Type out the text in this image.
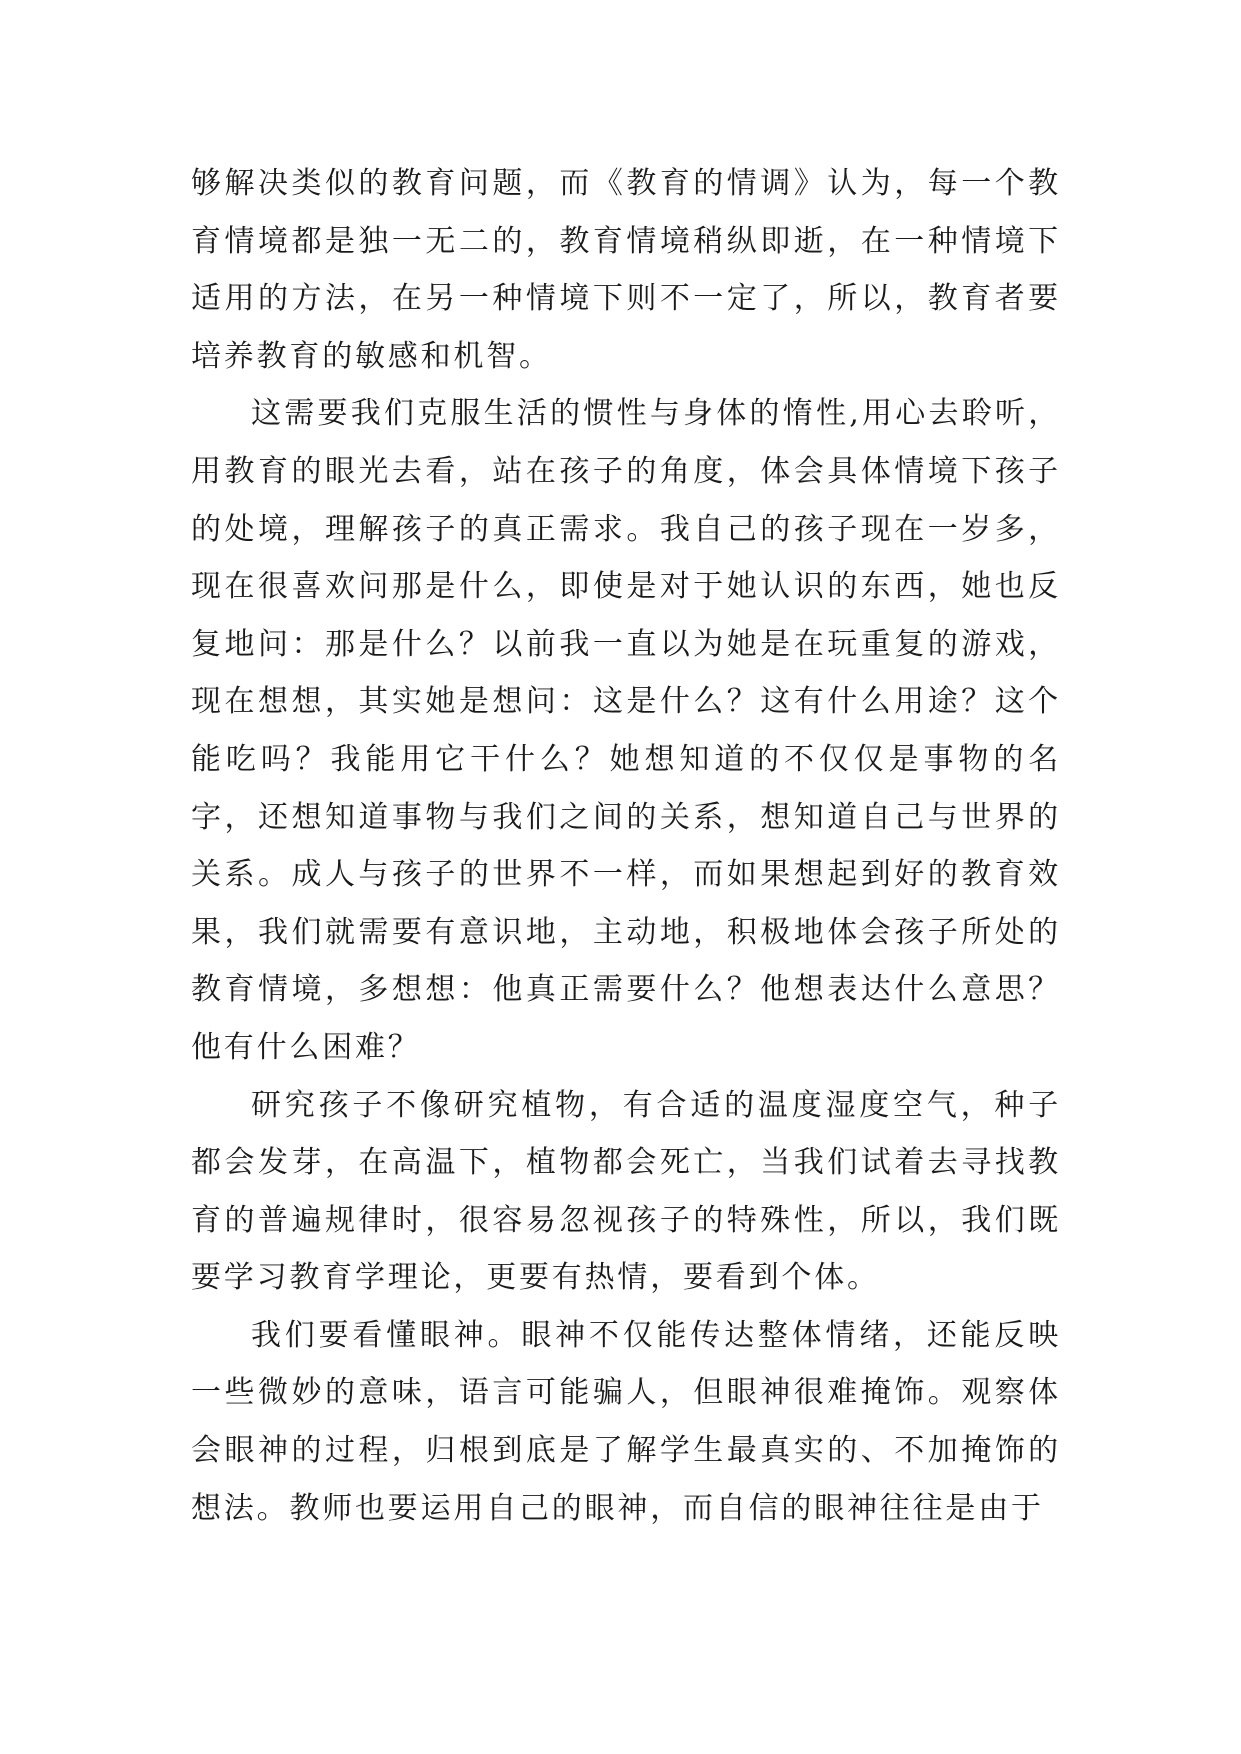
够解决类似的教育问题，而《教育的情调》认为，每一个教育情境都是独一无二的，教育情境稍纵即逝，在一种情境下适用的方法，在另一种情境下则不一定了，所以，教育者要培养教育的敏感和机智。

这需要我们克服生活的惯性与身体的惰性,用心去聆听，用教育的眼光去看，站在孩子的角度，体会具体情境下孩子的处境，理解孩子的真正需求。我自己的孩子现在一岁多，现在很喜欢问那是什么，即使是对于她认识的东西，她也反复地问：那是什么？以前我一直以为她是在玩重复的游戏，现在想想，其实她是想问：这是什么？这有什么用途？这个能吃吗？我能用它干什么？她想知道的不仅仅是事物的名字，还想知道事物与我们之间的关系，想知道自己与世界的关系。成人与孩子的世界不一样，而如果想起到好的教育效果，我们就需要有意识地，主动地，积极地体会孩子所处的教育情境，多想想：他真正需要什么？他想表达什么意思？他有什么困难？

研究孩子不像研究植物，有合适的温度湿度空气，种子都会发芽，在高温下，植物都会死亡，当我们试着去寻找教育的普遍规律时，很容易忽视孩子的特殊性，所以，我们既要学习教育学理论，更要有热情，要看到个体。

我们要看懂眼神。眼神不仅能传达整体情绪，还能反映一些微妙的意味，语言可能骗人，但眼神很难掩饰。观察体会眼神的过程，归根到底是了解学生最真实的、不加掩饰的想法。教师也要运用自己的眼神，而自信的眼神往往是由于
